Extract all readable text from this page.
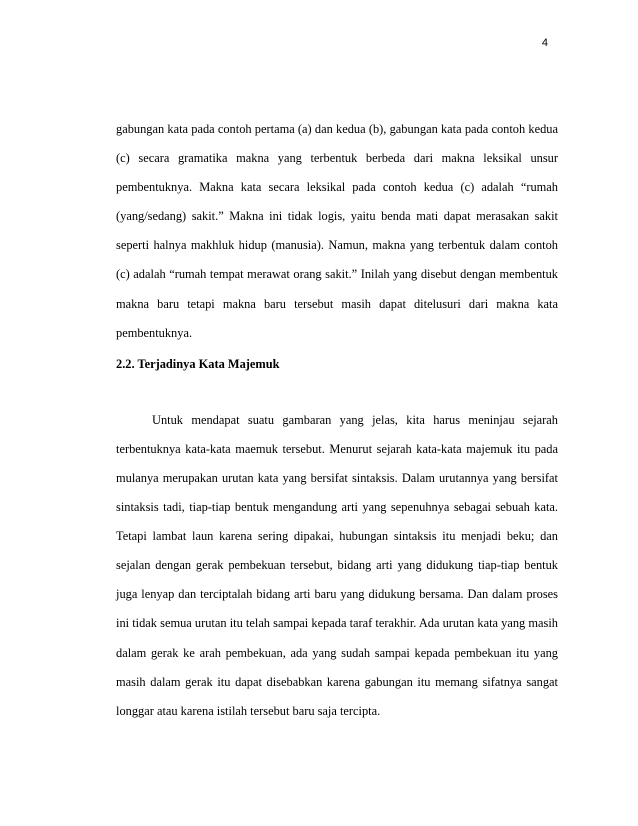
4

gabungan kata pada contoh pertama (a) dan kedua (b), gabungan kata pada contoh kedua (c) secara gramatika makna yang terbentuk berbeda dari makna leksikal unsur pembentuknya. Makna kata secara leksikal pada contoh kedua (c) adalah “rumah (yang/sedang) sakit.” Makna ini tidak logis, yaitu benda mati dapat merasakan sakit seperti halnya makhluk hidup (manusia). Namun, makna yang terbentuk dalam contoh (c) adalah “rumah tempat merawat orang sakit.” Inilah yang disebut dengan membentuk makna baru tetapi makna baru tersebut masih dapat ditelusuri dari makna kata pembentuknya.

2.2. Terjadinya Kata Majemuk

Untuk mendapat suatu gambaran yang jelas, kita harus meninjau sejarah terbentuknya kata-kata maemuk tersebut. Menurut sejarah kata-kata majemuk itu pada mulanya merupakan urutan kata yang bersifat sintaksis. Dalam urutannya yang bersifat sintaksis tadi, tiap-tiap bentuk mengandung arti yang sepenuhnya sebagai sebuah kata. Tetapi lambat laun karena sering dipakai, hubungan sintaksis itu menjadi beku; dan sejalan dengan gerak pembekuan tersebut, bidang arti yang didukung tiap-tiap bentuk juga lenyap dan terciptalah bidang arti baru yang didukung bersama. Dan dalam proses ini tidak semua urutan itu telah sampai kepada taraf terakhir. Ada urutan kata yang masih dalam gerak ke arah pembekuan, ada yang sudah sampai kepada pembekuan itu yang masih dalam gerak itu dapat disebabkan karena gabungan itu memang sifatnya sangat longgar atau karena istilah tersebut baru saja tercipta.
